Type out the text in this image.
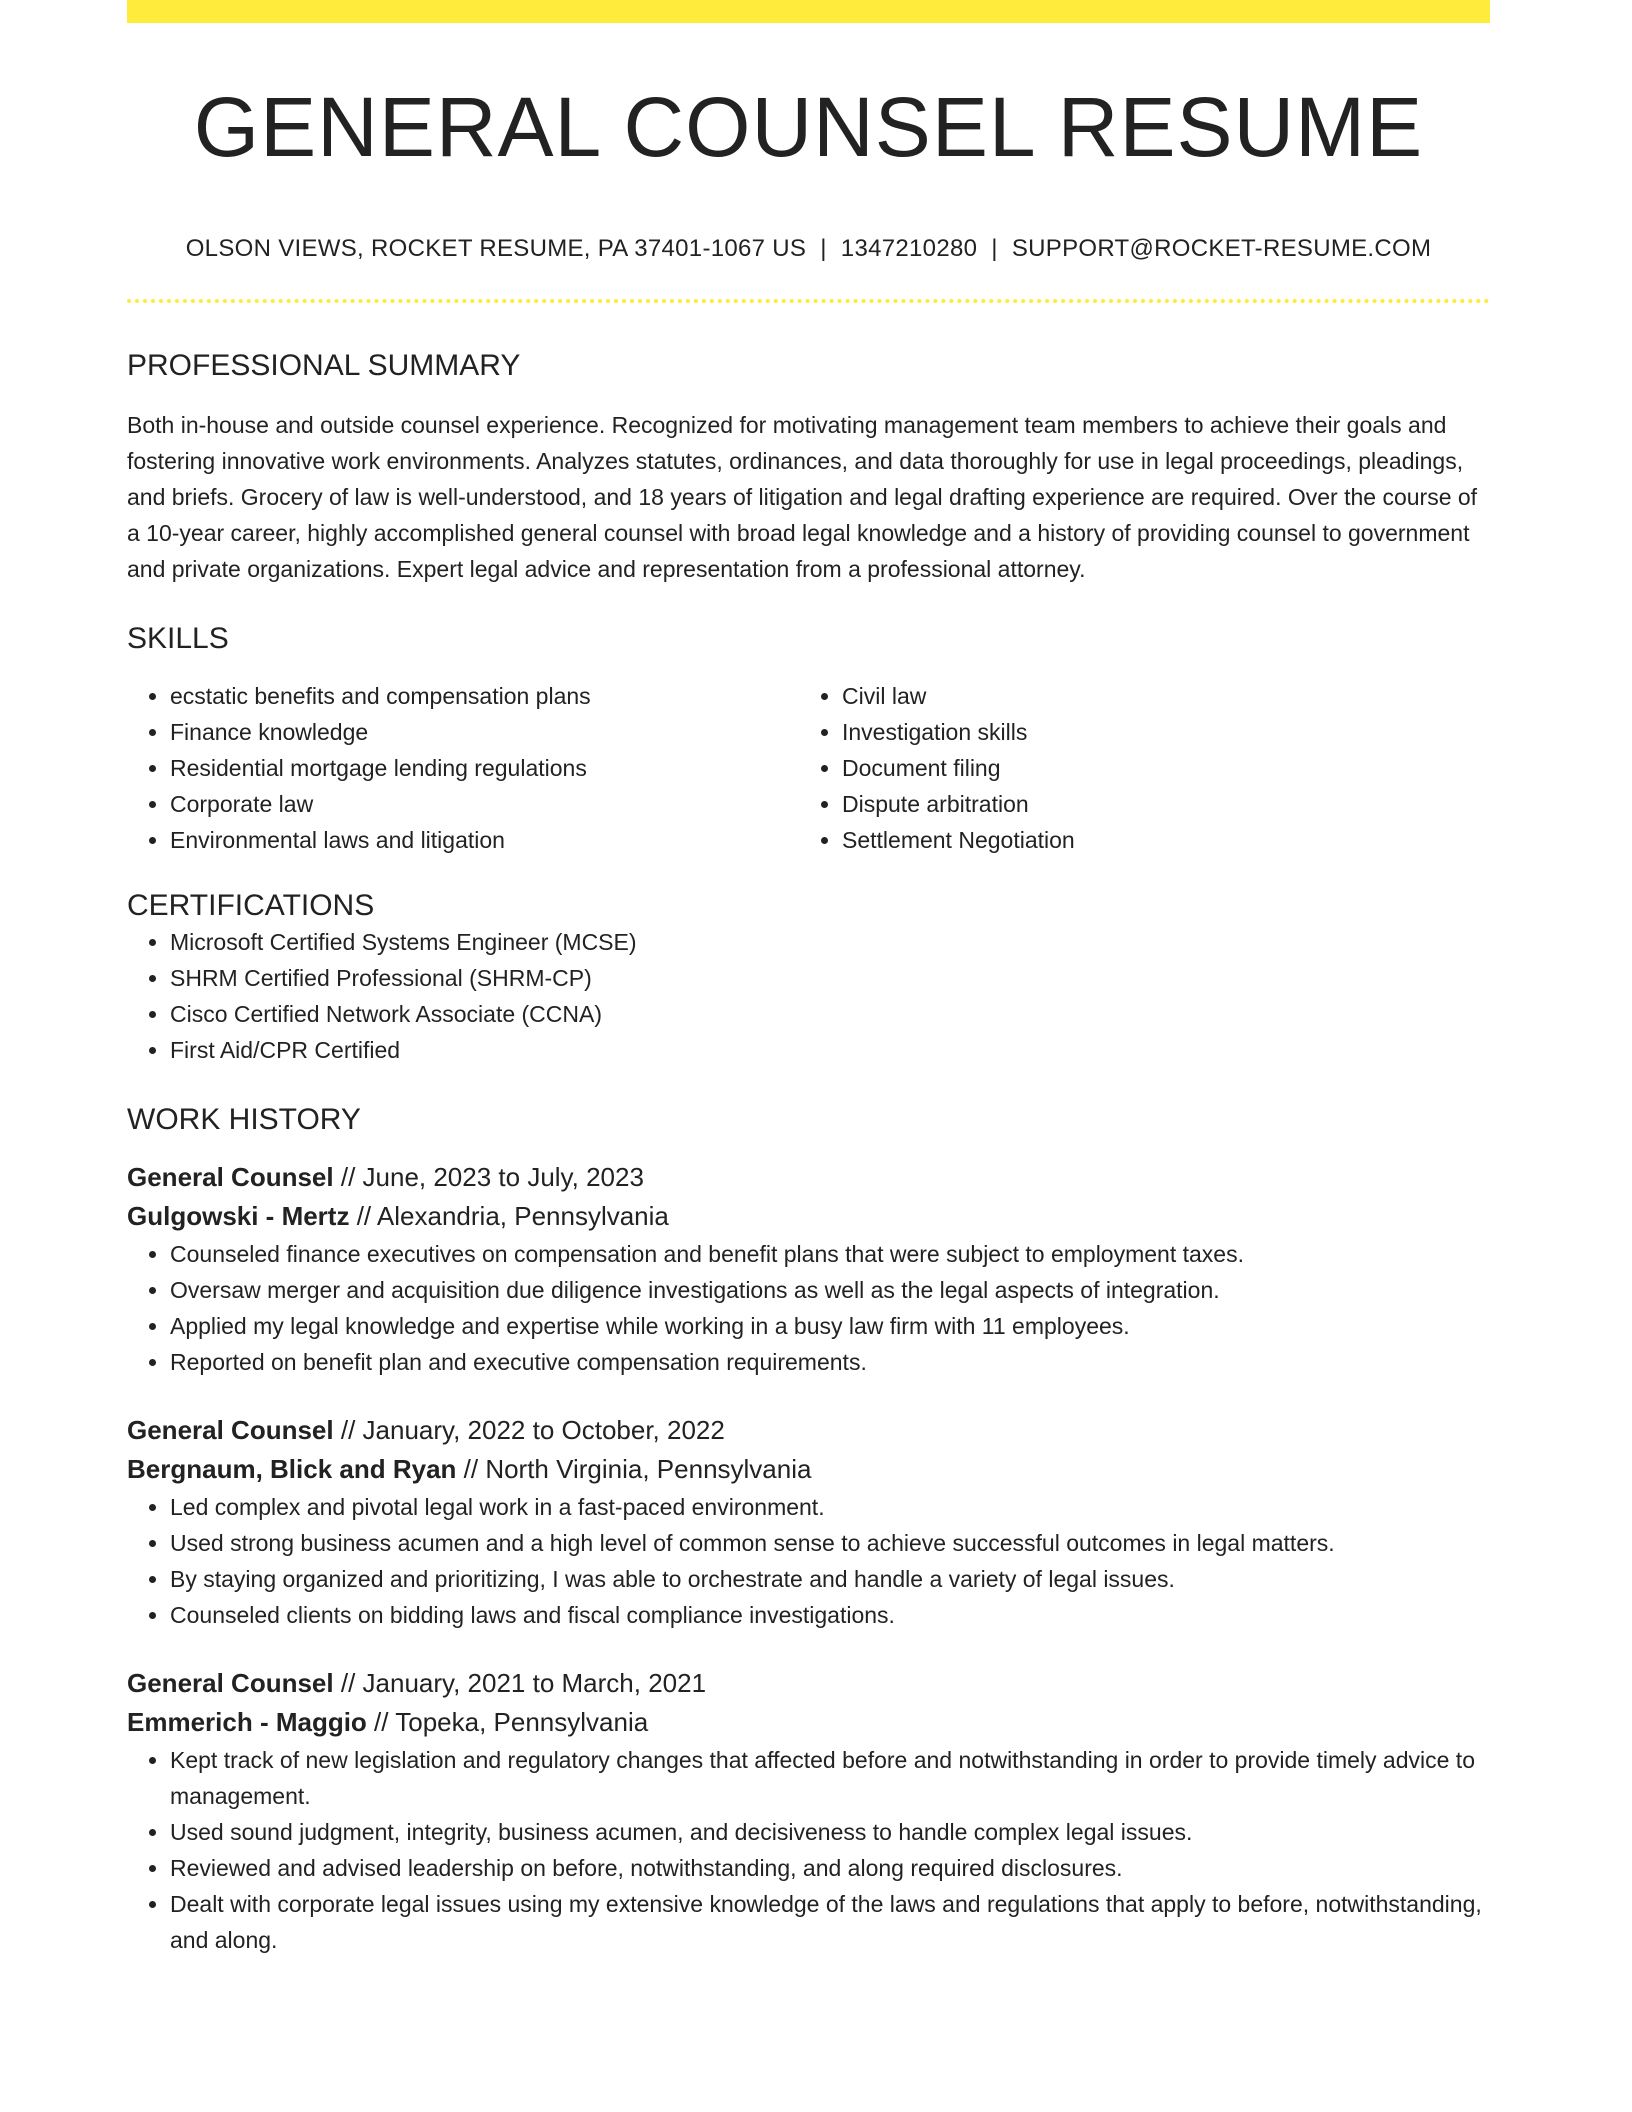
GENERAL COUNSEL RESUME
OLSON VIEWS, ROCKET RESUME, PA 37401-1067 US | 1347210280 | SUPPORT@ROCKET-RESUME.COM
PROFESSIONAL SUMMARY
Both in-house and outside counsel experience. Recognized for motivating management team members to achieve their goals and fostering innovative work environments. Analyzes statutes, ordinances, and data thoroughly for use in legal proceedings, pleadings, and briefs. Grocery of law is well-understood, and 18 years of litigation and legal drafting experience are required. Over the course of a 10-year career, highly accomplished general counsel with broad legal knowledge and a history of providing counsel to government and private organizations. Expert legal advice and representation from a professional attorney.
SKILLS
• ecstatic benefits and compensation plans
• Finance knowledge
• Residential mortgage lending regulations
• Corporate law
• Environmental laws and litigation
• Civil law
• Investigation skills
• Document filing
• Dispute arbitration
• Settlement Negotiation
CERTIFICATIONS
• Microsoft Certified Systems Engineer (MCSE)
• SHRM Certified Professional (SHRM-CP)
• Cisco Certified Network Associate (CCNA)
• First Aid/CPR Certified
WORK HISTORY
General Counsel // June, 2023 to July, 2023
Gulgowski - Mertz // Alexandria, Pennsylvania
• Counseled finance executives on compensation and benefit plans that were subject to employment taxes.
• Oversaw merger and acquisition due diligence investigations as well as the legal aspects of integration.
• Applied my legal knowledge and expertise while working in a busy law firm with 11 employees.
• Reported on benefit plan and executive compensation requirements.
General Counsel // January, 2022 to October, 2022
Bergnaum, Blick and Ryan // North Virginia, Pennsylvania
• Led complex and pivotal legal work in a fast-paced environment.
• Used strong business acumen and a high level of common sense to achieve successful outcomes in legal matters.
• By staying organized and prioritizing, I was able to orchestrate and handle a variety of legal issues.
• Counseled clients on bidding laws and fiscal compliance investigations.
General Counsel // January, 2021 to March, 2021
Emmerich - Maggio // Topeka, Pennsylvania
• Kept track of new legislation and regulatory changes that affected before and notwithstanding in order to provide timely advice to management.
• Used sound judgment, integrity, business acumen, and decisiveness to handle complex legal issues.
• Reviewed and advised leadership on before, notwithstanding, and along required disclosures.
• Dealt with corporate legal issues using my extensive knowledge of the laws and regulations that apply to before, notwithstanding, and along.
